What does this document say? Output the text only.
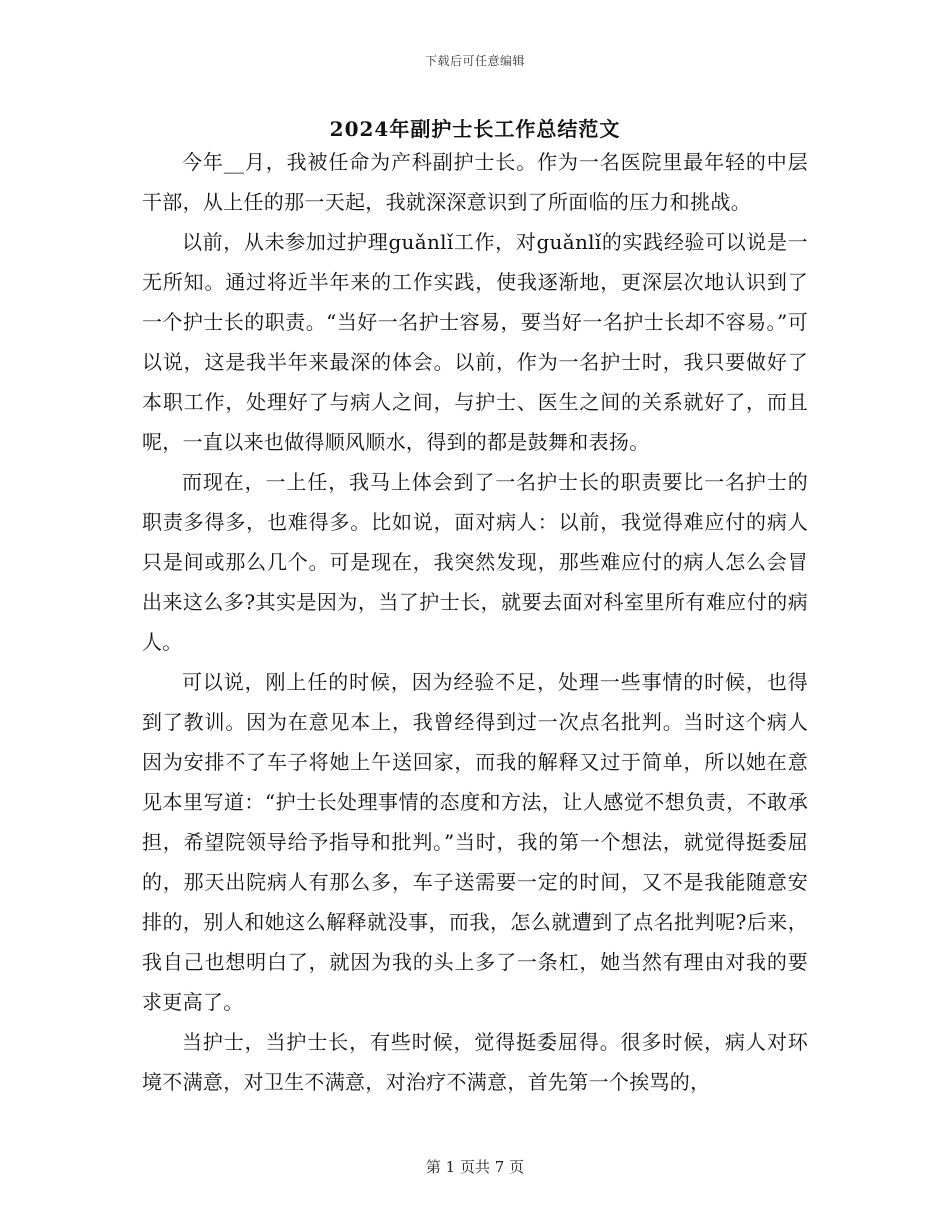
下载后可任意编辑
2024年副护士长工作总结范文

今年__月，我被任命为产科副护士长。作为一名医院里最年轻的中层干部，从上任的那一天起，我就深深意识到了所面临的压力和挑战。

以前，从未参加过护理guǎnlǐ工作，对guǎnlǐ的实践经验可以说是一无所知。通过将近半年来的工作实践，使我逐渐地，更深层次地认识到了一个护士长的职责。“当好一名护士容易，要当好一名护士长却不容易。”可以说，这是我半年来最深的体会。以前，作为一名护士时，我只要做好了本职工作，处理好了与病人之间，与护士、医生之间的关系就好了，而且呢，一直以来也做得顺风顺水，得到的都是鼓舞和表扬。

而现在，一上任，我马上体会到了一名护士长的职责要比一名护士的职责多得多，也难得多。比如说，面对病人：以前，我觉得难应付的病人只是间或那么几个。可是现在，我突然发现，那些难应付的病人怎么会冒出来这么多?其实是因为，当了护士长，就要去面对科室里所有难应付的病人。

可以说，刚上任的时候，因为经验不足，处理一些事情的时候，也得到了教训。因为在意见本上，我曾经得到过一次点名批判。当时这个病人因为安排不了车子将她上午送回家，而我的解释又过于简单，所以她在意见本里写道：“护士长处理事情的态度和方法，让人感觉不想负责，不敢承担，希望院领导给予指导和批判。”当时，我的第一个想法，就觉得挺委屈的，那天出院病人有那么多，车子送需要一定的时间，又不是我能随意安排的，别人和她这么解释就没事，而我，怎么就遭到了点名批判呢?后来，我自己也想明白了，就因为我的头上多了一条杠，她当然有理由对我的要求更高了。

当护士，当护士长，有些时候，觉得挺委屈得。很多时候，病人对环境不满意，对卫生不满意，对治疗不满意，首先第一个挨骂的，

第 1 页共 7 页
